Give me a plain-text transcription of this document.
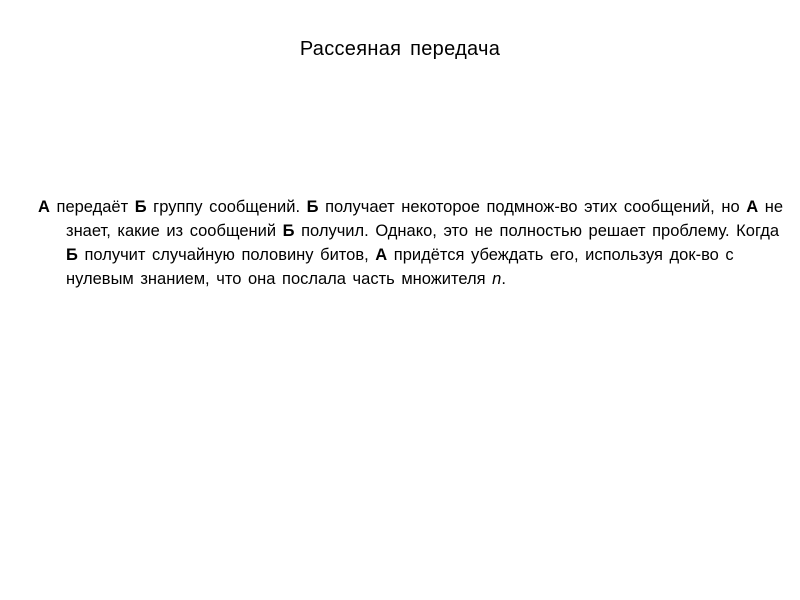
Рассеяная передача
А передаёт Б группу сообщений. Б получает некоторое подмнож-во этих сообщений, но А не знает, какие из сообщений Б получил. Однако, это не полностью решает проблему. Когда Б получит случайную половину битов, А придётся убеждать его, используя док-во с нулевым знанием, что она послала часть множителя n.
